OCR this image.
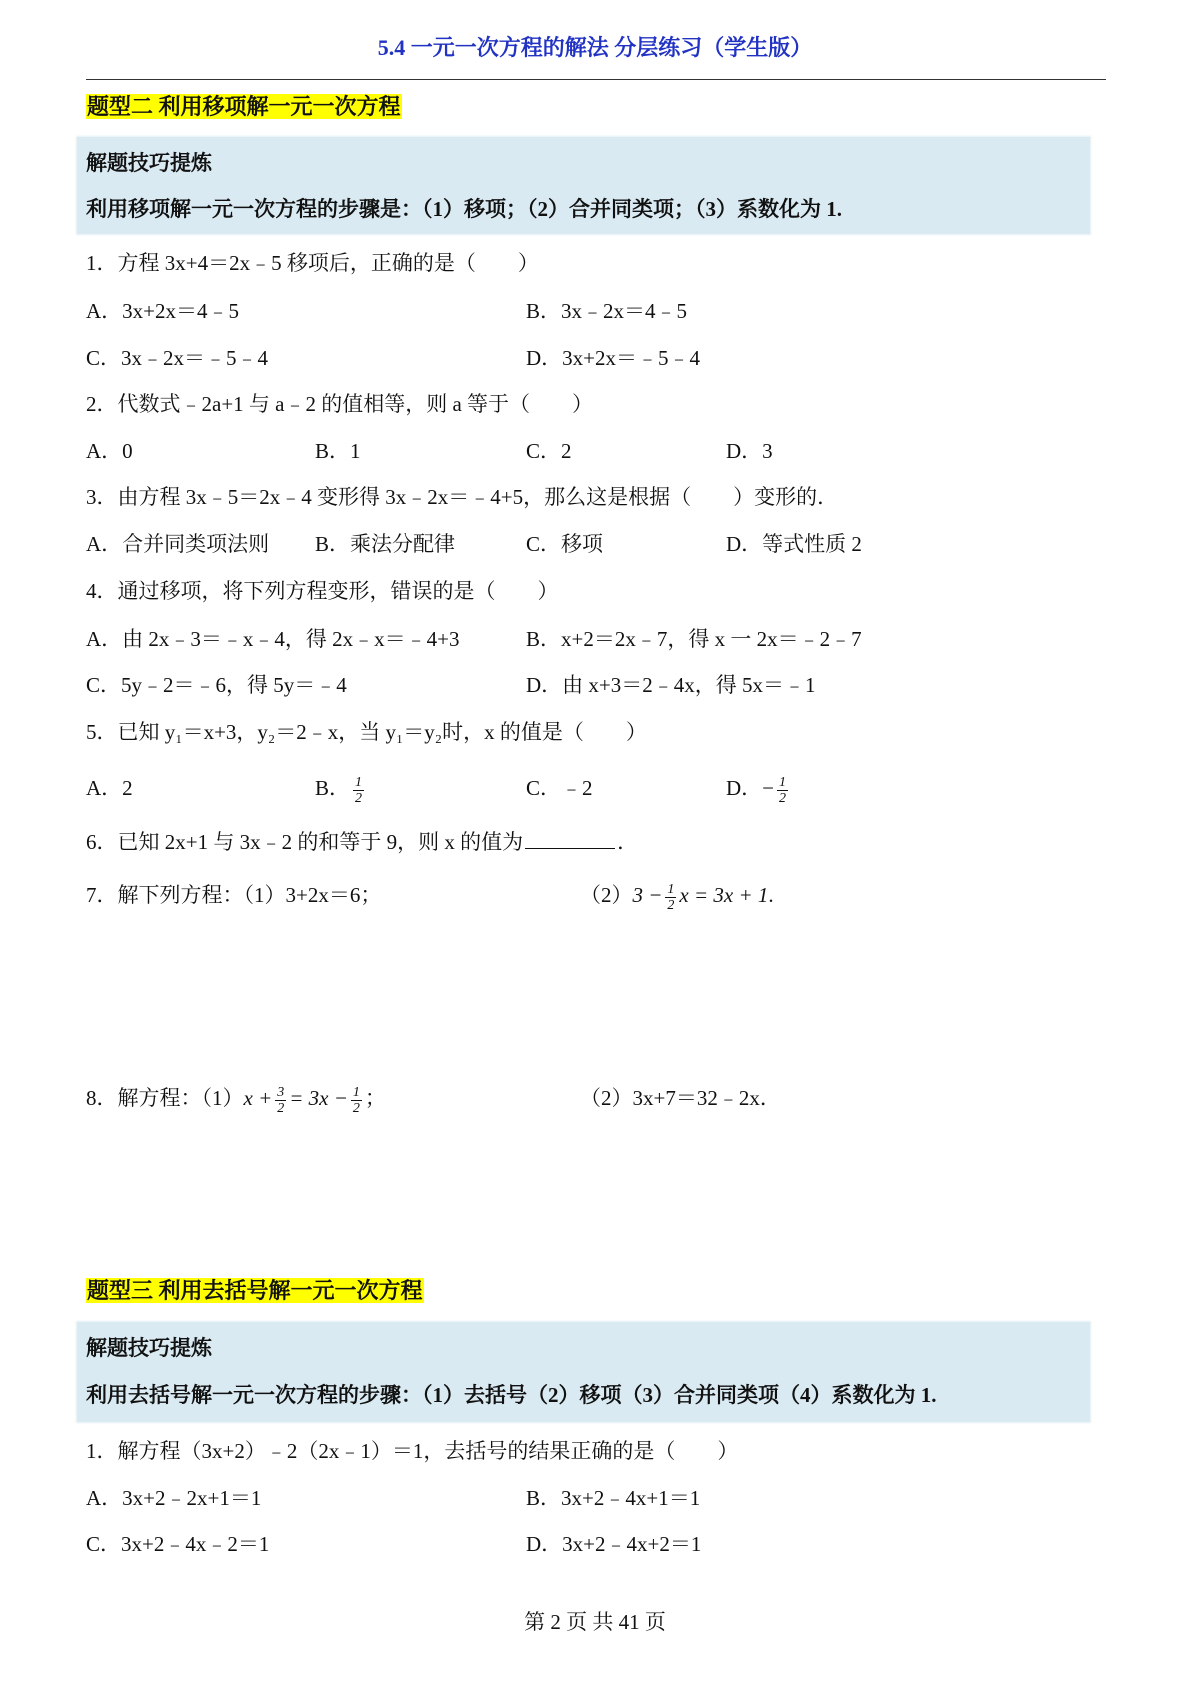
5.4 一元一次方程的解法 分层练习（学生版）
题型二 利用移项解一元一次方程
解题技巧提炼
利用移项解一元一次方程的步骤是：（1）移项；（2）合并同类项；（3）系数化为 1.
1．方程 3x+4＝2x﹣5 移项后，正确的是（　　）
A．3x+2x＝4﹣5	B．3x﹣2x＝4﹣5
C．3x﹣2x＝﹣5﹣4	D．3x+2x＝﹣5﹣4
2．代数式﹣2a+1 与 a﹣2 的值相等，则 a 等于（　　）
A．0	B．1	C．2	D．3
3．由方程 3x﹣5＝2x﹣4 变形得 3x﹣2x＝﹣4+5，那么这是根据（　　）变形的．
A．合并同类项法则 B．乘法分配律	C．移项	D．等式性质 2
4．通过移项，将下列方程变形，错误的是（　　）
A．由 2x﹣3＝﹣x﹣4，得 2x﹣x＝﹣4+3	B．x+2＝2x﹣7，得 x 一 2x＝﹣2﹣7
C．5y﹣2＝﹣6，得 5y＝﹣4	D．由 x+3＝2﹣4x，得 5x＝﹣1
5．已知 y₁＝x+3，y₂＝2﹣x，当 y₁＝y₂时，x 的值是（　　）
A．2	B． $\frac{1}{2}$	C．﹣2	D．− $\frac{1}{2}$
6．已知 2x+1 与 3x﹣2 的和等于 9，则 x 的值为	．
7．解下列方程：（1）3+2x＝6；	$(2)3 - \frac{1}{2}$ x = 3x + 1.
8．解方程：$(1)x + \frac{3}{2} = 3x - \frac{1}{2}$ ；	（2）3x+7＝32﹣2x．
题型三 利用去括号解一元一次方程
解题技巧提炼
利用去括号解一元一次方程的步骤：（1）去括号（2）移项（3）合并同类项（4）系数化为 1.
1．解方程（3x+2）﹣2（2x﹣1）＝1，去括号的结果正确的是（　　）
A．3x+2﹣2x+1＝1	B．3x+2﹣4x+1＝1
C．3x+2﹣4x﹣2＝1	D．3x+2﹣4x+2＝1
第 2 页 共 41 页
